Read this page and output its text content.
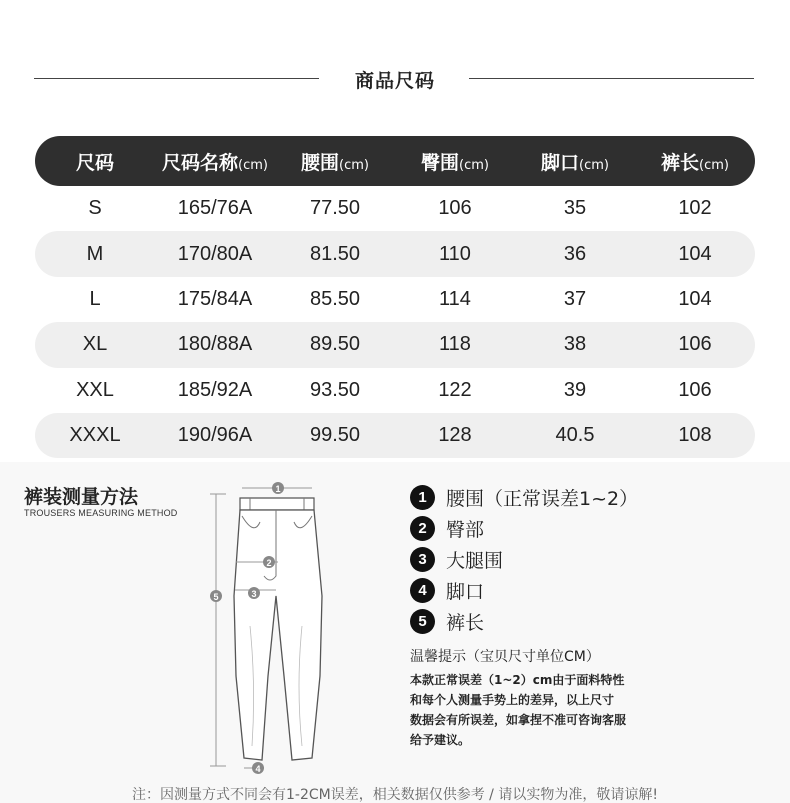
商品尺码
尺码	尺码名称(cm)	腰围(cm)	臀围(cm)	脚口(cm)	裤长(cm)
S	165/76A	77.50	106	35	102
M	170/80A	81.50	110	36	104
L	175/84A	85.50	114	37	104
XL	180/88A	89.50	118	38	106
XXL	185/92A	93.50	122	39	106
XXXL	190/96A	99.50	128	40.5	108
裤装测量方法
TROUSERS MEASURING METHOD
1
2
3
4
5
1	腰围（正常误差1~2）
2	臀部
3	大腿围
4	脚口
5	裤长
温馨提示（宝贝尺寸单位CM）
本款正常误差（1~2）cm由于面料特性
和每个人测量手势上的差异，以上尺寸
数据会有所误差，如拿捏不准可咨询客服
给予建议。
注：因测量方式不同会有1-2CM误差，相关数据仅供参考 / 请以实物为准，敬请谅解!
